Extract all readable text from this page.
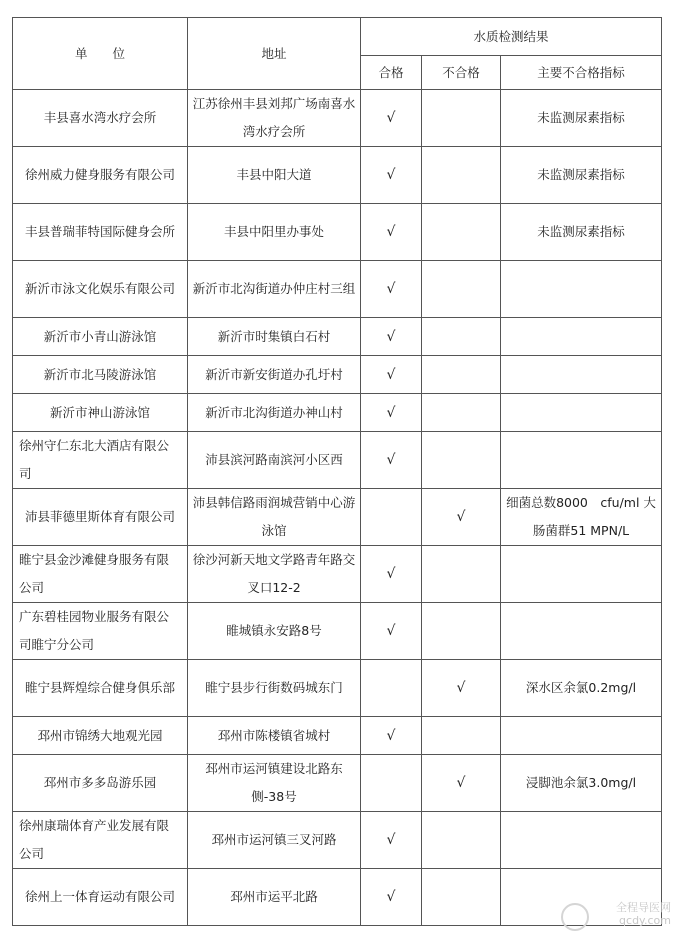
单　　位	地址	水质检测结果		
		合格	不合格	主要不合格指标
丰县喜水湾水疗会所	江苏徐州丰县刘邦广场南喜水湾水疗会所	√		未监测尿素指标
徐州威力健身服务有限公司	丰县中阳大道	√		未监测尿素指标
丰县普瑞菲特国际健身会所	丰县中阳里办事处	√		未监测尿素指标
新沂市泳文化娱乐有限公司	新沂市北沟街道办仲庄村三组	√		
新沂市小青山游泳馆	新沂市时集镇白石村	√		
新沂市北马陵游泳馆	新沂市新安街道办孔圩村	√		
新沂市神山游泳馆	新沂市北沟街道办神山村	√		
徐州守仁东北大酒店有限公司	沛县滨河路南滨河小区西	√		
沛县菲德里斯体育有限公司	沛县韩信路雨润城营销中心游泳馆		√	细菌总数8000　cfu/ml 大肠菌群51 MPN/L
睢宁县金沙滩健身服务有限公司	徐沙河新天地文学路青年路交叉口12-2	√		
广东碧桂园物业服务有限公司睢宁分公司	睢城镇永安路8号	√		
睢宁县辉煌综合健身俱乐部	睢宁县步行街数码城东门		√	深水区余氯0.2mg/l
邳州市锦绣大地观光园	邳州市陈楼镇省城村	√		
邳州市多多岛游乐园	邳州市运河镇建设北路东侧-38号		√	浸脚池余氯3.0mg/l
徐州康瑞体育产业发展有限公司	邳州市运河镇三叉河路	√		
徐州上一体育运动有限公司	邳州市运平北路	√		
全程导医网
qcdy.com
